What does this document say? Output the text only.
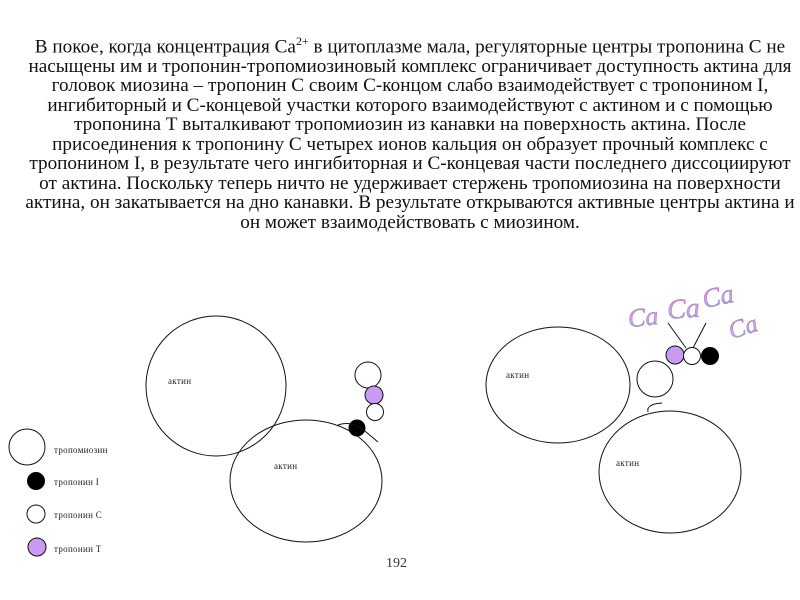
В покое, когда концентрация $Ca^{2+}$ в цитоплазме мала, регуляторные центры тропонина С не насыщены им и тропонин-тропомиозиновый комплекс ограничивает доступность актина для головок миозина – тропонин С своим С-концом слабо взаимодействует с тропонином I, ингибиторный и С-концевой участки которого взаимодействуют с актином и с помощью тропонина Т выталкивают тропомиозин из канавки на поверхность актина. После присоединения к тропонину С четырех ионов кальция он образует прочный комплекс с тропонином I, в результате чего ингибиторная и С-концевая части последнего диссоциируют от актина. Поскольку теперь ничто не удерживает стержень тропомиозина на поверхности актина, он закатывается на дно канавки. В результате открываются активные центры актина и он может взаимодействовать с миозином.

Ca Ca
Ca
Ca
актин
актин
актин
актин
тропомиозин
тропонин I
тропонин С
тропонин Т
192
